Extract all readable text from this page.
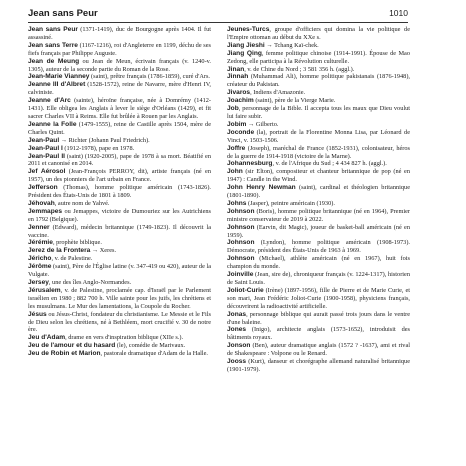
Jean sans Peur	1010

Jean sans Peur (1371-1419), duc de Bourgogne après 1404. Il fut assassiné.

Jean sans Terre (1167-1216), roi d'Angleterre en 1199, déchu de ses fiefs français par Philippe Auguste.

Jean de Meung ou Jean de Meun, écrivain français (v. 1240-v. 1305), auteur de la seconde partie du Roman de la Rose.

Jean-Marie Vianney (saint), prêtre français (1786-1859), curé d'Ars.

Jeanne III d'Albret (1528-1572), reine de Navarre, mère d'Henri IV, calviniste.

Jeanne d'Arc (sainte), héroïne française, née à Domrémy (1412-1431). Elle obligea les Anglais à lever le siège d'Orléans (1429), et fit sacrer Charles VII à Reims. Elle fut brûlée à Rouen par les Anglais.

Jeanne la Folle (1479-1555), reine de Castille après 1504, mère de Charles Quint.

Jean-Paul → Richter (Johann Paul Friedrich).

Jean-Paul I (1912-1978), pape en 1978.

Jean-Paul II (saint) (1920-2005), pape de 1978 à sa mort. Béatifié en 2011 et canonisé en 2014.

Jef Aérosol (Jean-François PERROY, dit), artiste français (né en 1957), un des pionniers de l'art urbain en France.

Jefferson (Thomas), homme politique américain (1743-1826). Président des États-Unis de 1801 à 1809.

Jéhovah, autre nom de Yahvé.

Jemmapes ou Jemappes, victoire de Dumouriez sur les Autrichiens en 1792 (Belgique).

Jenner (Edward), médecin britannique (1749-1823). Il découvrit la vaccine.

Jérémie, prophète biblique.

Jerez de la Frontera → Xeres.

Jéricho, v. de Palestine.

Jérôme (saint), Père de l'Église latine (v. 347-419 ou 420), auteur de la Vulgate.

Jersey, une des îles Anglo-Normandes.

Jérusalem, v. de Palestine, proclamée cap. d'Israël par le Parlement israélien en 1980 ; 882 700 h. Ville sainte pour les juifs, les chrétiens et les musulmans. Le Mur des lamentations, la Coupole du Rocher.

Jésus ou Jésus-Christ, fondateur du christianisme. Le Messie et le Fils de Dieu selon les chrétiens, né à Bethléem, mort crucifié v. 30 de notre ère.

Jeu d'Adam, drame en vers d'inspiration biblique (XIIe s.).

Jeu de l'amour et du hasard (le), comédie de Marivaux.

Jeu de Robin et Marion, pastorale dramatique d'Adam de la Halle.

Jeunes-Turcs, groupe d'officiers qui domina la vie politique de l'Empire ottoman au début du XXe s.

Jiang Jieshi → Tchang Kaï-chek.

Jiang Qing, femme politique chinoise (1914-1991). Épouse de Mao Zedong, elle participa à la Révolution culturelle.

Jinan, v. de Chine du Nord ; 3 581 356 h. (aggl.).

Jinnah (Muhammad Ali), homme politique pakistanais (1876-1948), créateur du Pakistan.

Jivaros, Indiens d'Amazonie.

Joachim (saint), père de la Vierge Marie.

Job, personnage de la Bible. Il accepta tous les maux que Dieu voulut lui faire subir.

Jobim → Gilberto.

Joconde (la), portrait de la Florentine Monna Lisa, par Léonard de Vinci, v. 1503-1506.

Joffre (Joseph), maréchal de France (1852-1931), colonisateur, héros de la guerre de 1914-1918 (victoire de la Marne).

Johannesburg, v. de l'Afrique du Sud ; 4 434 827 h. (aggl.).

John (sir Elton), compositeur et chanteur britannique de pop (né en 1947) : Candle in the Wind.

John Henry Newman (saint), cardinal et théologien britannique (1801-1890).

Johns (Jasper), peintre américain (1930).

Johnson (Boris), homme politique britannique (né en 1964), Premier ministre conservateur de 2019 à 2022.

Johnson (Earvin, dit Magic), joueur de basket-ball américain (né en 1959).

Johnson (Lyndon), homme politique américain (1908-1973). Démocrate, président des États-Unis de 1963 à 1969.

Johnson (Michael), athlète américain (né en 1967), huit fois champion du monde.

Joinville (Jean, sire de), chroniqueur français (v. 1224-1317), historien de Saint Louis.

Joliot-Curie (Irène) (1897-1956), fille de Pierre et de Marie Curie, et son mari, Jean Frédéric Joliot-Curie (1900-1958), physiciens français, découvrirent la radioactivité artificielle.

Jonas, personnage biblique qui aurait passé trois jours dans le ventre d'une baleine.

Jones (Inigo), architecte anglais (1573-1652), introduisit des bâtiments royaux.

Jonson (Ben), auteur dramatique anglais (1572 ? -1637), ami et rival de Shakespeare : Volpone ou le Renard.

Jooss (Kurt), danseur et chorégraphe allemand naturalisé britannique (1901-1979).
